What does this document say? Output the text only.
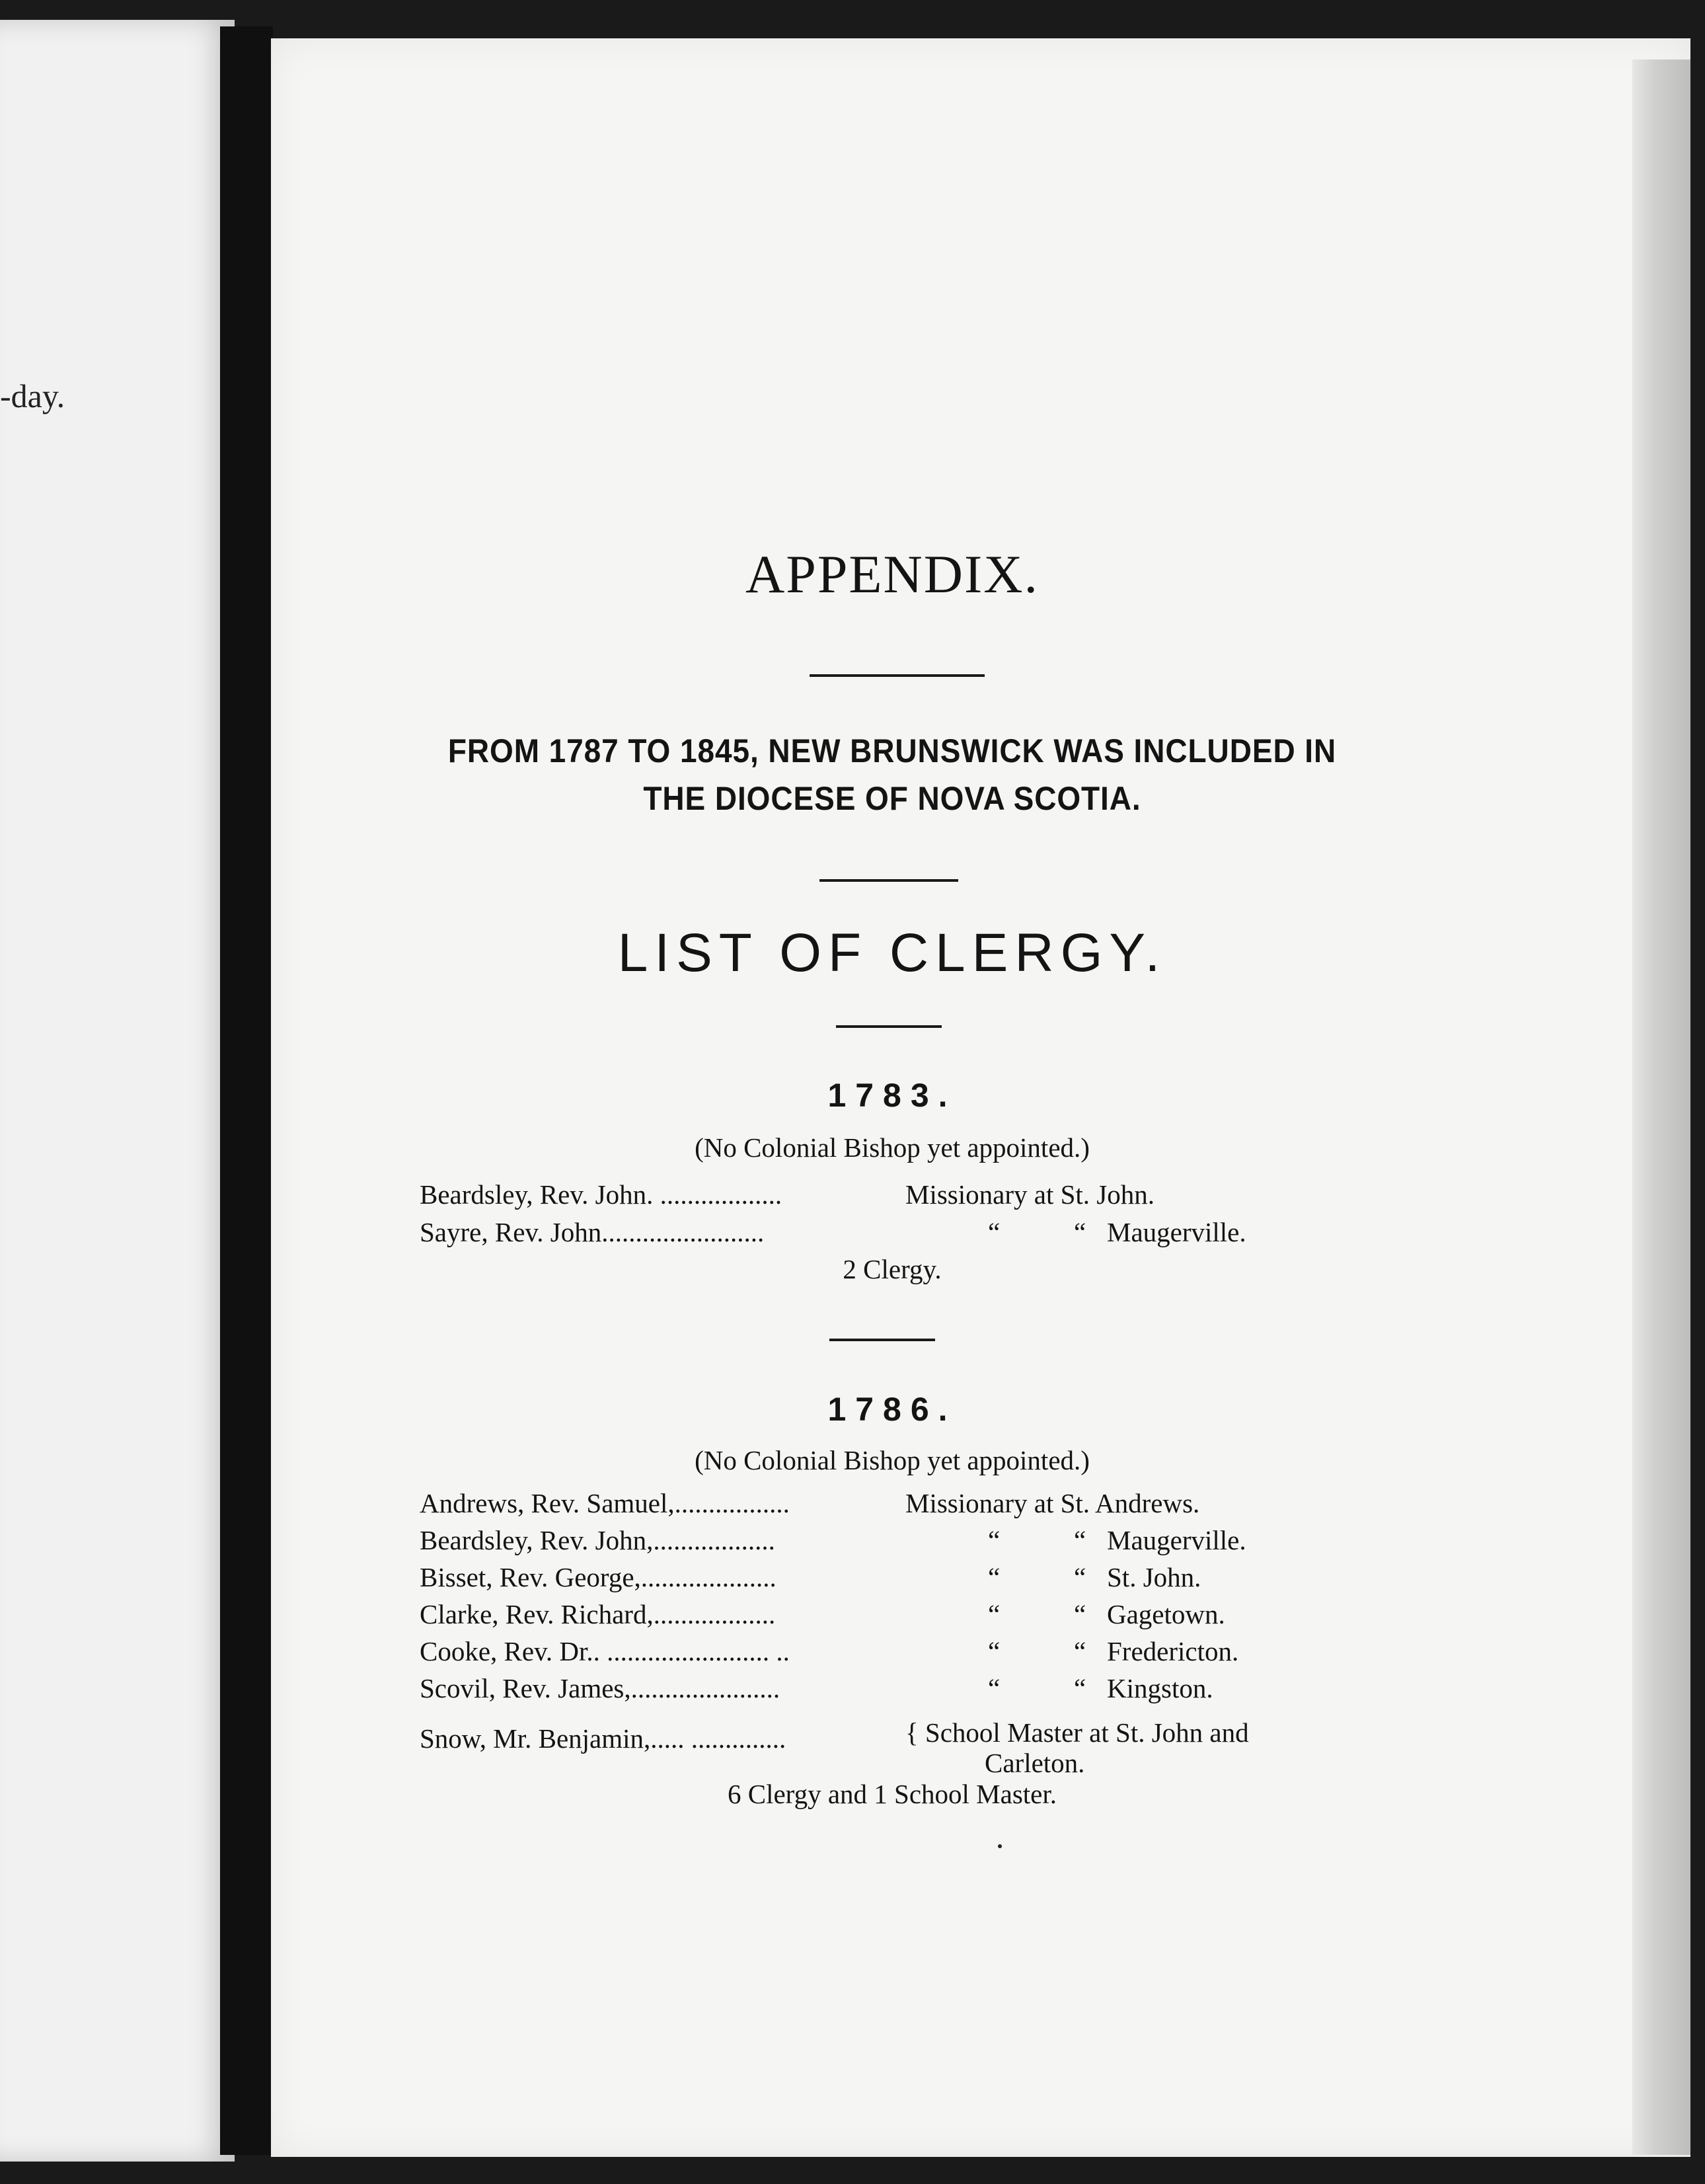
-day.
APPENDIX.
FROM 1787 TO 1845, NEW BRUNSWICK WAS INCLUDED IN
THE DIOCESE OF NOVA SCOTIA.
LIST OF CLERGY.
1783.
(No Colonial Bishop yet appointed.)
Beardsley, Rev. John. ..................	Missionary at St. John.
Sayre, Rev. John........................	“	“ Maugerville.
2 Clergy.
1786.
(No Colonial Bishop yet appointed.)
Andrews, Rev. Samuel,.................	Missionary at St. Andrews.
Beardsley, Rev. John,..................	“	“ Maugerville.
Bisset, Rev. George,....................	“	“ St. John.
Clarke, Rev. Richard,..................	“	“ Gagetown.
Cooke, Rev. Dr.. ........................ ..	“	“ Fredericton.
Scovil, Rev. James,......................	“	“ Kingston.
Snow, Mr. Benjamin,..... ..............	{ School Master at St. John and
Carleton.
6 Clergy and 1 School Master.
